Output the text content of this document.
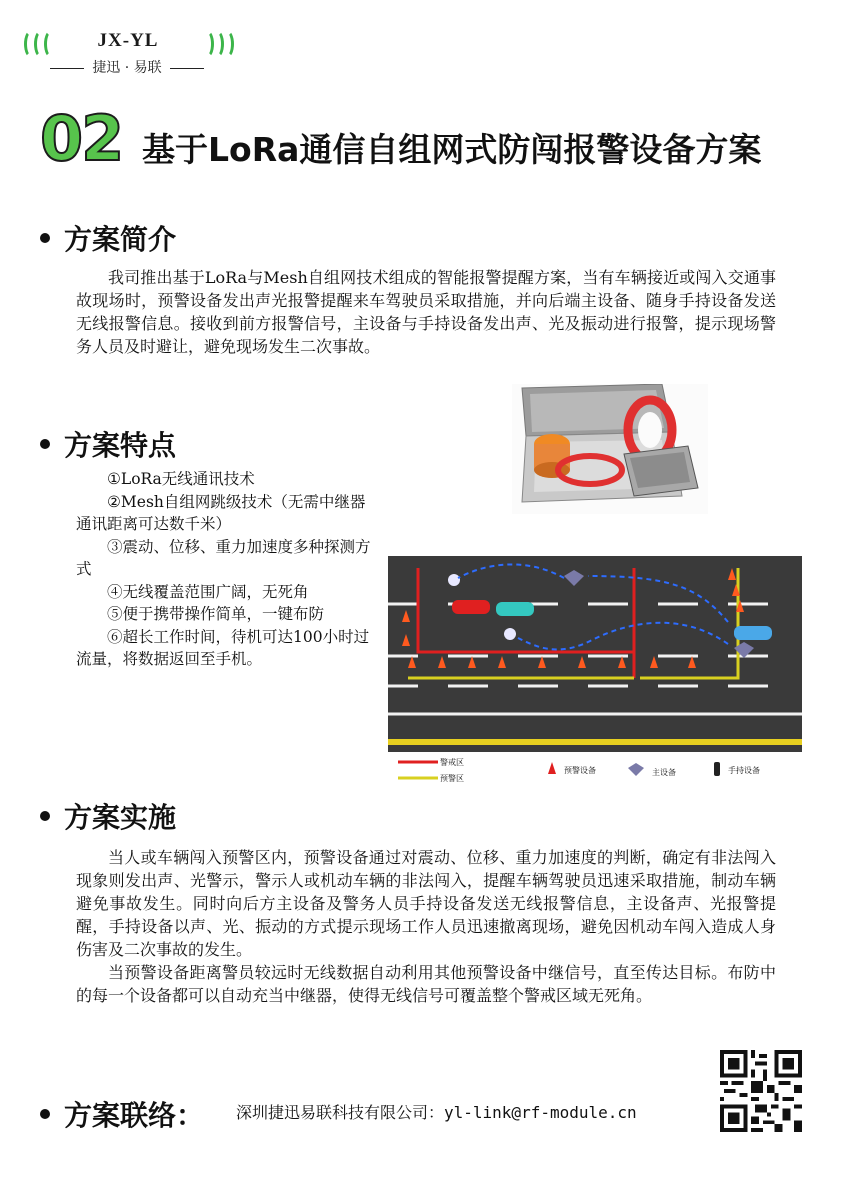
JX-YL
捷迅 · 易联
02 基于LoRa通信自组网式防闯报警设备方案
方案简介

我司推出基于LoRa与Mesh自组网技术组成的智能报警提醒方案，当有车辆接近或闯入交通事故现场时，预警设备发出声光报警提醒来车驾驶员采取措施，并向后端主设备、随身手持设备发送无线报警信息。接收到前方报警信号，主设备与手持设备发出声、光及振动进行报警，提示现场警务人员及时避让，避免现场发生二次事故。

方案特点

①LoRa无线通讯技术

②Mesh自组网跳级技术（无需中继器通讯距离可达数千米）

③震动、位移、重力加速度多种探测方式

④无线覆盖范围广阔，无死角

⑤便于携带操作简单，一键布防

⑥超长工作时间，待机可达100小时过流量，将数据返回至手机。

警戒区
预警区
预警设备	主设备	手持设备
方案实施

当人或车辆闯入预警区内，预警设备通过对震动、位移、重力加速度的判断，确定有非法闯入现象则发出声、光警示，警示人或机动车辆的非法闯入，提醒车辆驾驶员迅速采取措施，制动车辆避免事故发生。同时向后方主设备及警务人员手持设备发送无线报警信息，主设备声、光报警提醒，手持设备以声、光、振动的方式提示现场工作人员迅速撤离现场，避免因机动车闯入造成人身伤害及二次事故的发生。

当预警设备距离警员较远时无线数据自动利用其他预警设备中继信号，直至传达目标。布防中的每一个设备都可以自动充当中继器，使得无线信号可覆盖整个警戒区域无死角。

方案联络： 深圳捷迅易联科技有限公司：yl-link@rf-module.cn
